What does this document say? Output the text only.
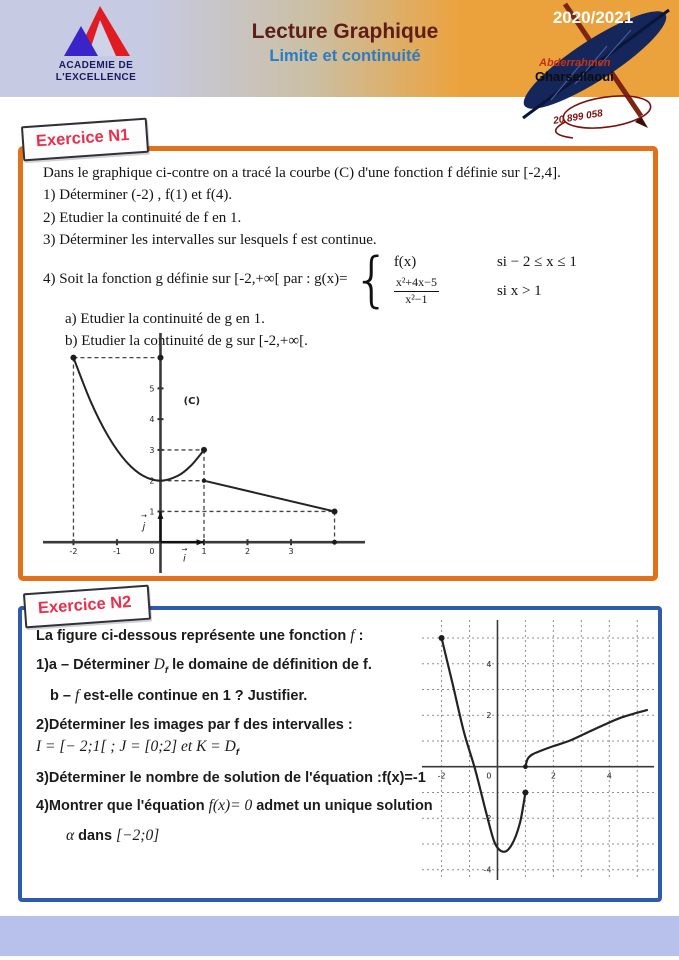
ACADEMIE DE
L'EXCELLENCE
Lecture Graphique
Limite et continuité
2020/2021
Abderrahmen
Gharsellaoui
20 899 058
Exercice N1
Dans le graphique ci-contre on a tracé la courbe (C) d'une fonction f définie sur [-2,4].
1) Déterminer (-2) , f(1) et f(4).
2) Etudier la continuité de f en 1.
3) Déterminer les intervalles sur lesquels f est continue.
4) Soit la fonction g définie sur [-2,+∞[ par : g(x)= { f(x)	si − 2 ≤ x ≤ 1
$\frac{\text{x²+4x−5}}{\text{x²−1}}$	si x > 1
a) Etudier la continuité de g en 1.
b) Etudier la continuité de g sur [-2,+∞[.
-2	-1	1	2	3
1
2
3
4
5
0
(C)
i
j
→
→
Exercice N2
La figure ci-dessous représente une fonction f :
1)a – Déterminer $D_f$ le domaine de définition de f.
b – f est-elle continue en 1 ? Justifier.
2)Déterminer les images par f des intervalles :
I = [− 2;1[ ; J = [0;2] et $K = D_f$
3)Déterminer le nombre de solution de l'équation :f(x)=-1
4)Montrer que l'équation f(x)= 0 admet un unique solution
α dans [−2;0]
-2	2	4
-4
-2
2
4
0
